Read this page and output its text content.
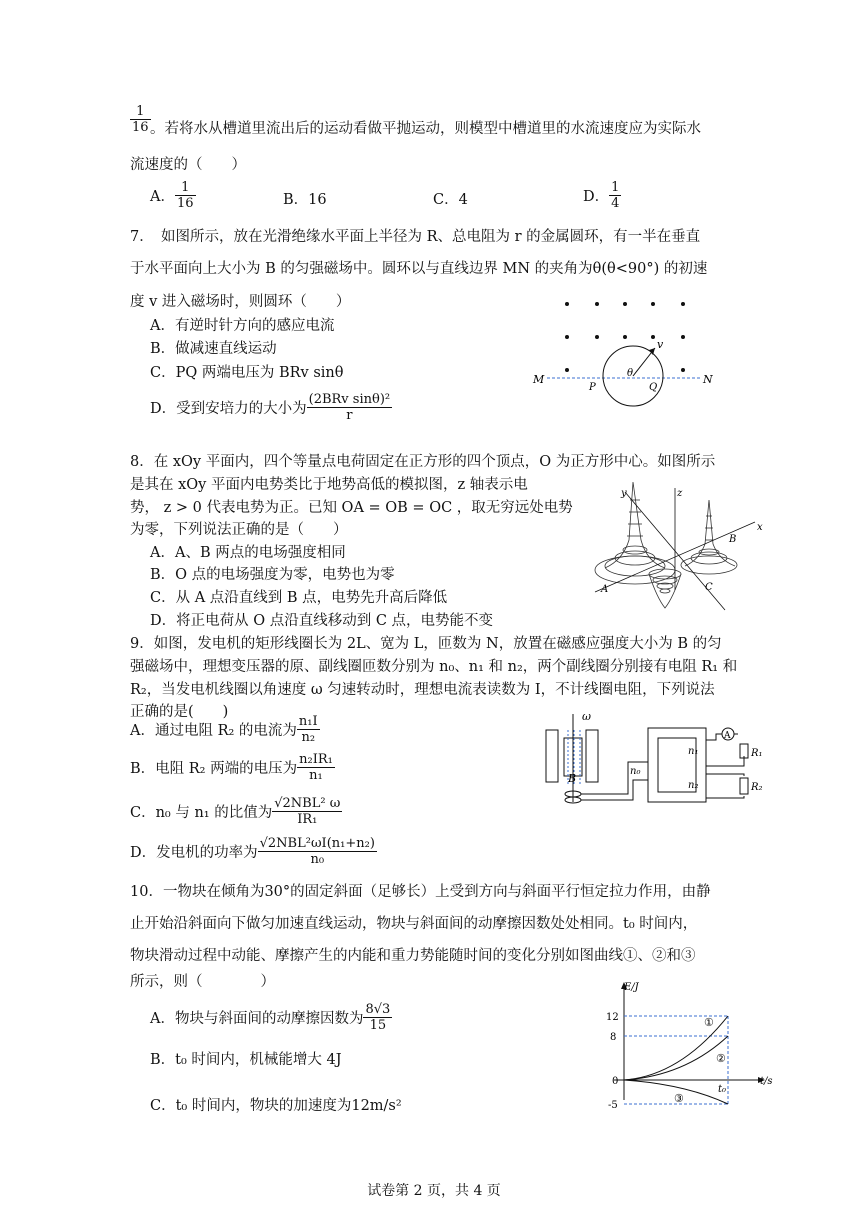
$\frac{1}{16}$ 。若将水从槽道里流出后的运动看做平抛运动，则模型中槽道里的水流速度应为实际水
流速度的（　　）
A． $\frac{1}{16}$	B．16	C．4	D． $\frac{1}{4}$
7．　如图所示，放在光滑绝缘水平面上半径为 R、总电阻为 r 的金属圆环，有一半在垂直
于水平面向上大小为 B 的匀强磁场中。圆环以与直线边界 MN 的夹角为θ(θ<90°) 的初速
度 v 进入磁场时，则圆环（　　）
A．有逆时针方向的感应电流
B．做减速直线运动
C．PQ 两端电压为 BRv sinθ
D．受到安培力的大小为 $\frac{\text{(2BRv sinθ)²}}{r}$
M	N
P	Q
θ
v
8．在 xOy 平面内，四个等量点电荷固定在正方形的四个顶点，O 为正方形中心。如图所示
是其在 xOy 平面内电势类比于地势高低的模拟图，z 轴表示电
势， z > 0 代表电势为正。已知 OA = OB = OC ，取无穷远处电势
为零，下列说法正确的是（　　）
A．A、B 两点的电场强度相同
B．O 点的电场强度为零，电势也为零
C．从 A 点沿直线到 B 点，电势先升高后降低
D．将正电荷从 O 点沿直线移动到 C 点，电势能不变
x
z
y
A
B
C
9．如图，发电机的矩形线圈长为 2L、宽为 L，匝数为 N，放置在磁感应强度大小为 B 的匀
强磁场中，理想变压器的原、副线圈匝数分别为 n₀、n₁ 和 n₂，两个副线圈分别接有电阻 R₁ 和
R₂，当发电机线圈以角速度 ω 匀速转动时，理想电流表读数为 I，不计线圈电阻，下列说法
正确的是(　　)
A．通过电阻 R₂ 的电流为 $\frac{\text{n₁I}}{\text{n₂}}$
B．电阻 R₂ 两端的电压为 $\frac{\text{n₂IR₁}}{\text{n₁}}$
C．n₀ 与 n₁ 的比值为 $\frac{\text{√2NBL² ω}}{\text{IR₁}}$
D．发电机的功率为 $\frac{\text{√2NBL²ωI(n₁+n₂)}}{\text{n₀}}$
A
ω
B
n₀
n₁
n₂
R₁
R₂
10．一物块在倾角为30°的固定斜面（足够长）上受到方向与斜面平行恒定拉力作用，由静
止开始沿斜面向下做匀加速直线运动，物块与斜面间的动摩擦因数处处相同。t₀ 时间内，
物块滑动过程中动能、摩擦产生的内能和重力势能随时间的变化分别如图曲线①、②和③
所示，则（　　　　）
A．物块与斜面间的动摩擦因数为 $\frac{8√3}{15}$
B．t₀ 时间内，机械能增大 4J
C．t₀ 时间内，物块的加速度为12m/s²
E/J
t/s
12
8
0
-5
t₀
①
②
③
试卷第 2 页，共 4 页
